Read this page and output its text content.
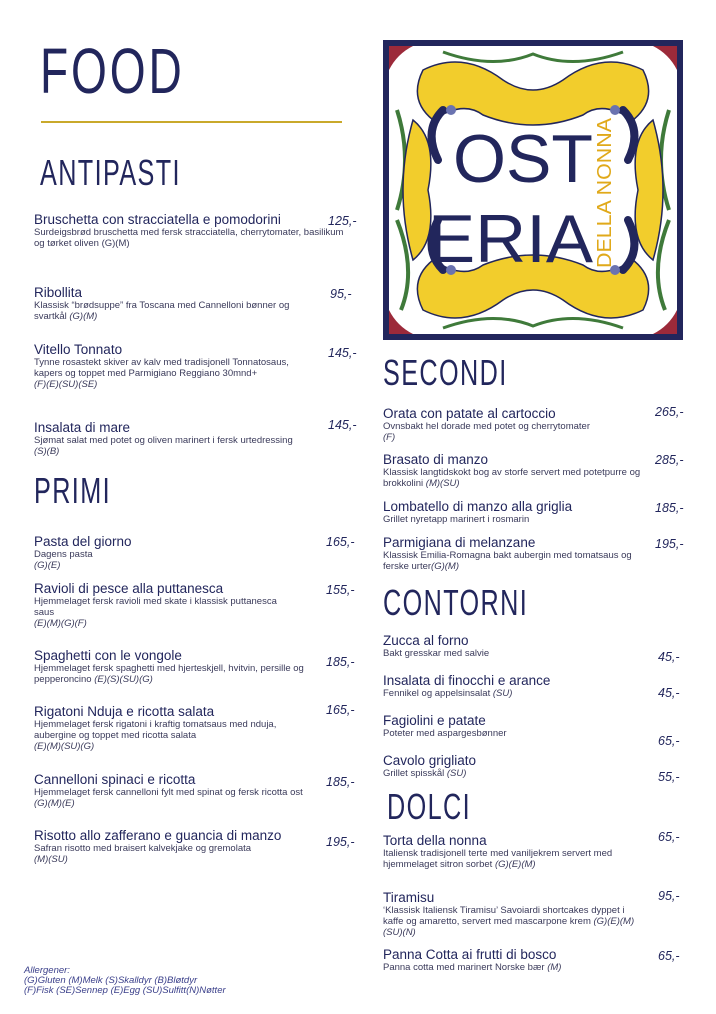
FOOD
ANTIPASTI
Bruschetta con stracciatella e pomodorini
Surdeigsbrød bruschetta med fersk stracciatella, cherrytomater, basilikum og tørket oliven (G)(M)
125,-
Ribollita
Klassisk “brødsuppe” fra Toscana med Cannelloni bønner og svartkål (G)(M)
95,-
Vitello Tonnato
Tynne rosastekt skiver av kalv med tradisjonell Tonnatosaus, kapers og toppet med Parmigiano Reggiano 30mnd+
(F)(E)(SU)(SE)
145,-
Insalata di mare
Sjømat salat med potet og oliven marinert i fersk urtedressing (S)(B)
145,-
PRIMI
Pasta del giorno
Dagens pasta
(G)(E)
165,-
Ravioli di pesce alla puttanesca
Hjemmelaget fersk ravioli med skate i klassisk puttanesca saus
(E)(M)(G)(F)
155,-
Spaghetti con le vongole
Hjemmelaget fersk spaghetti med hjerteskjell, hvitvin, persille og pepperoncino (E)(S)(SU)(G)
185,-
Rigatoni Nduja e ricotta salata
Hjemmelaget fersk rigatoni i kraftig tomatsaus med nduja, aubergine og toppet med ricotta salata
(E)(M)(SU)(G)
165,-
Cannelloni spinaci e ricotta
Hjemmelaget fersk cannelloni fylt med spinat og fersk ricotta ost (G)(M)(E)
185,-
Risotto allo zafferano e guancia di manzo
Safran risotto med braisert kalvekjake og gremolata
(M)(SU)
195,-
Allergener:
(G)Gluten (M)Melk (S)Skalldyr (B)Bløtdyr
(F)Fisk (SE)Sennep (E)Egg (SU)Sulfitt(N)Nøtter
OST
ERIA DELLA NONNA
SECONDI
Orata con patate al cartoccio
Ovnsbakt hel dorade med potet og cherrytomater
(F)
265,-
Brasato di manzo
Klassisk langtidskokt bog av storfe servert med potetpurre og brokkolini (M)(SU)
285,-
Lombatello di manzo alla griglia
Grillet nyretapp marinert i rosmarin
185,-
Parmigiana di melanzane
Klassisk Emilia-Romagna bakt aubergin med tomatsaus og ferske urter(G)(M)
195,-
CONTORNI
Zucca al forno
Bakt gresskar med salvie	45,-
Insalata di finocchi e arance
Fennikel og appelsinsalat (SU)	45,-
Fagiolini e patate
Poteter med aspargesbønner
65,-
Cavolo grigliato
Grillet spisskål (SU)	55,-
DOLCI
Torta della nonna
Italiensk tradisjonell terte med vaniljekrem servert med hjemmelaget sitron sorbet (G)(E)(M)
65,-
Tiramisu
‘Klassisk Italiensk Tiramisu’ Savoiardi shortcakes dyppet i kaffe og amaretto, servert med mascarpone krem (G)(E)(M)(SU)(N)
95,-
Panna Cotta ai frutti di bosco
Panna cotta med marinert Norske bær (M)
65,-
